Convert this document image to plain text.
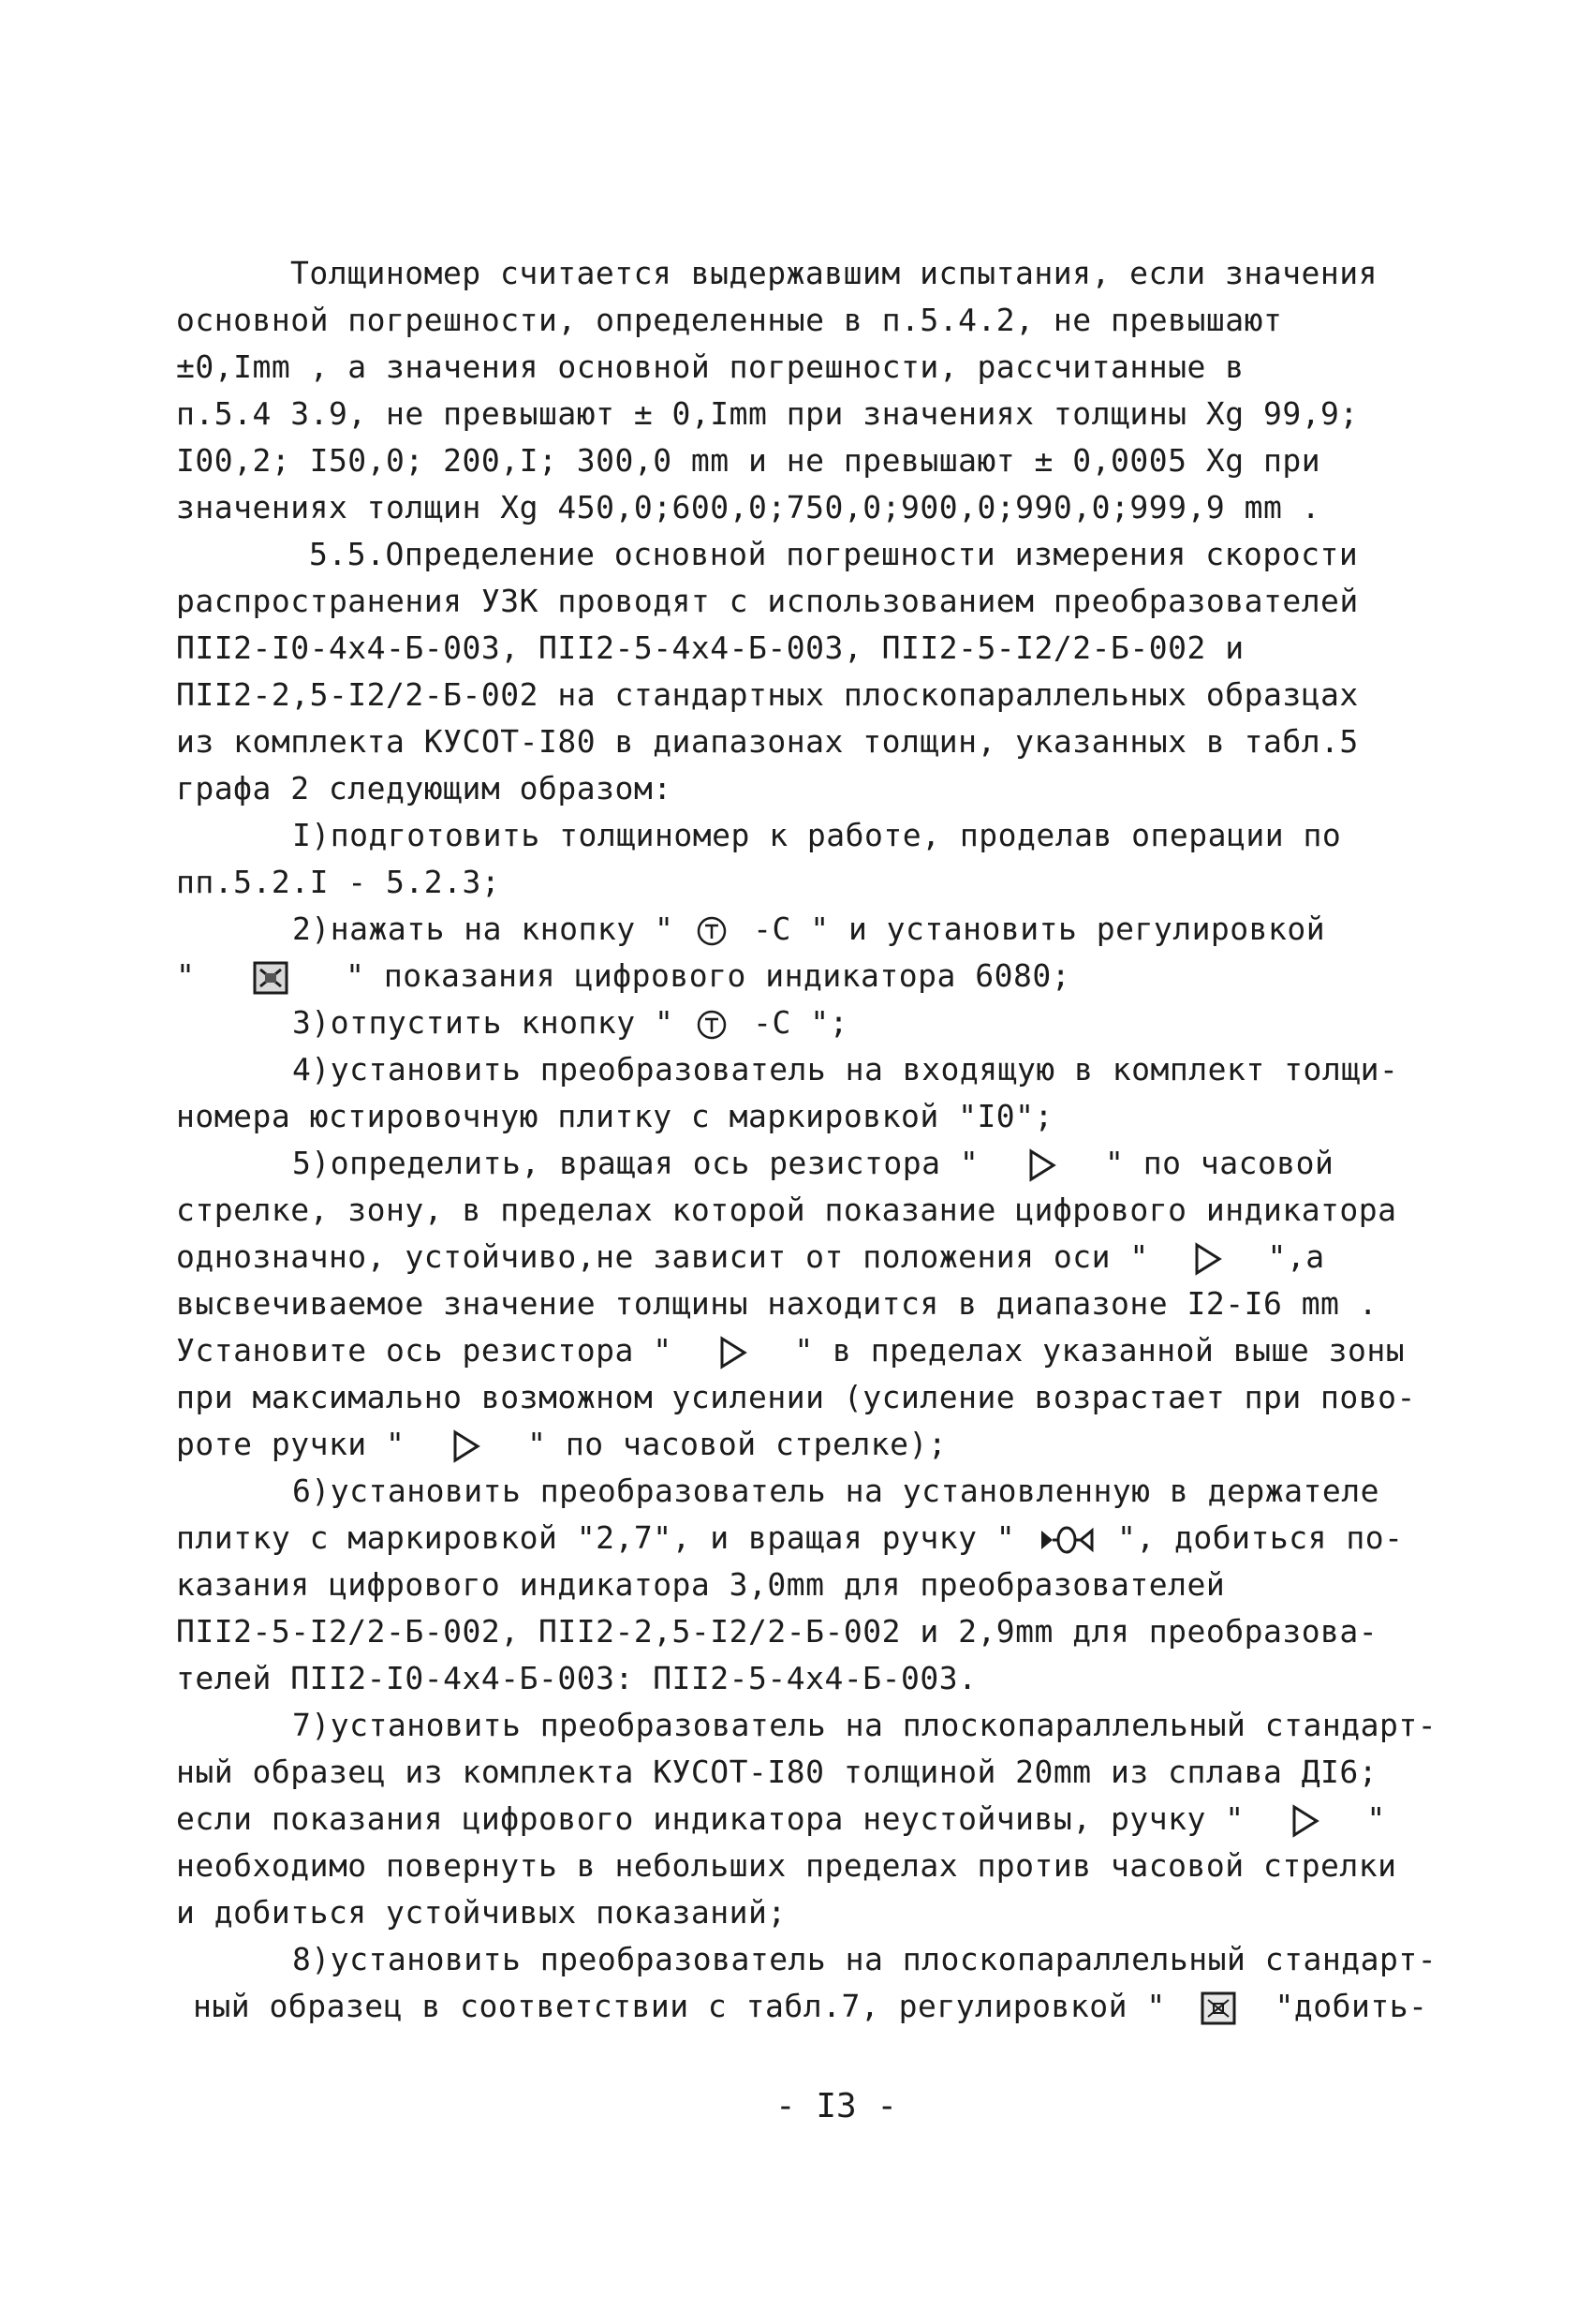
Толщиномер считается выдержавшим испытания, если значения
основной погрешности, определенные в п.5.4.2, не превышают
±0,Imm , а значения основной погрешности, рассчитанные в
п.5.4 3.9, не превышают ± 0,Imm при значениях толщины Xg 99,9;
I00,2; I50,0; 200,I; 300,0 mm и не превышают ± 0,0005 Xg при
значениях толщин Xg 450,0;600,0;750,0;900,0;990,0;999,9 mm .
5.5.Определение основной погрешности измерения скорости
распространения УЗК проводят с использованием преобразователей
ПII2-I0-4x4-Б-003, ПII2-5-4x4-Б-003, ПII2-5-I2/2-Б-002 и
ПII2-2,5-I2/2-Б-002 на стандартных плоскопараллельных образцах
из комплекта КУСОТ-I80 в диапазонах толщин, указанных в табл.5
графа 2 следующим образом:
I)подготовить толщиномер к работе, проделав операции по
пп.5.2.I - 5.2.3;
2)нажать на кнопку "	-C " и установить регулировкой
"	" показания цифрового индикатора 6080;
3)отпустить кнопку "	-C ";
4)установить преобразователь на входящую в комплект толщи-
номера юстировочную плитку с маркировкой "I0";
5)определить, вращая ось резистора "	" по часовой
стрелке, зону, в пределах которой показание цифрового индикатора
однозначно, устойчиво,не зависит от положения оси "	",а
высвечиваемое значение толщины находится в диапазоне I2-I6 mm .
Установите ось резистора "	" в пределах указанной выше зоны
при максимально возможном усилении (усиление возрастает при пово-
роте ручки "	" по часовой стрелке);
6)установить преобразователь на установленную в держателе
плитку с маркировкой "2,7", и вращая ручку "	", добиться по-
казания цифрового индикатора 3,0mm для преобразователей
ПII2-5-I2/2-Б-002, ПII2-2,5-I2/2-Б-002 и 2,9mm для преобразова-
телей ПII2-I0-4x4-Б-003: ПII2-5-4x4-Б-003.
7)установить преобразователь на плоскопараллельный стандарт-
ный образец из комплекта КУСОТ-I80 толщиной 20mm из сплава ДI6;
если показания цифрового индикатора неустойчивы, ручку "	"
необходимо повернуть в небольших пределах против часовой стрелки
и добиться устойчивых показаний;
8)установить преобразователь на плоскопараллельный стандарт-
ный образец в соответствии с табл.7, регулировкой "	"добить-
- I3 -
